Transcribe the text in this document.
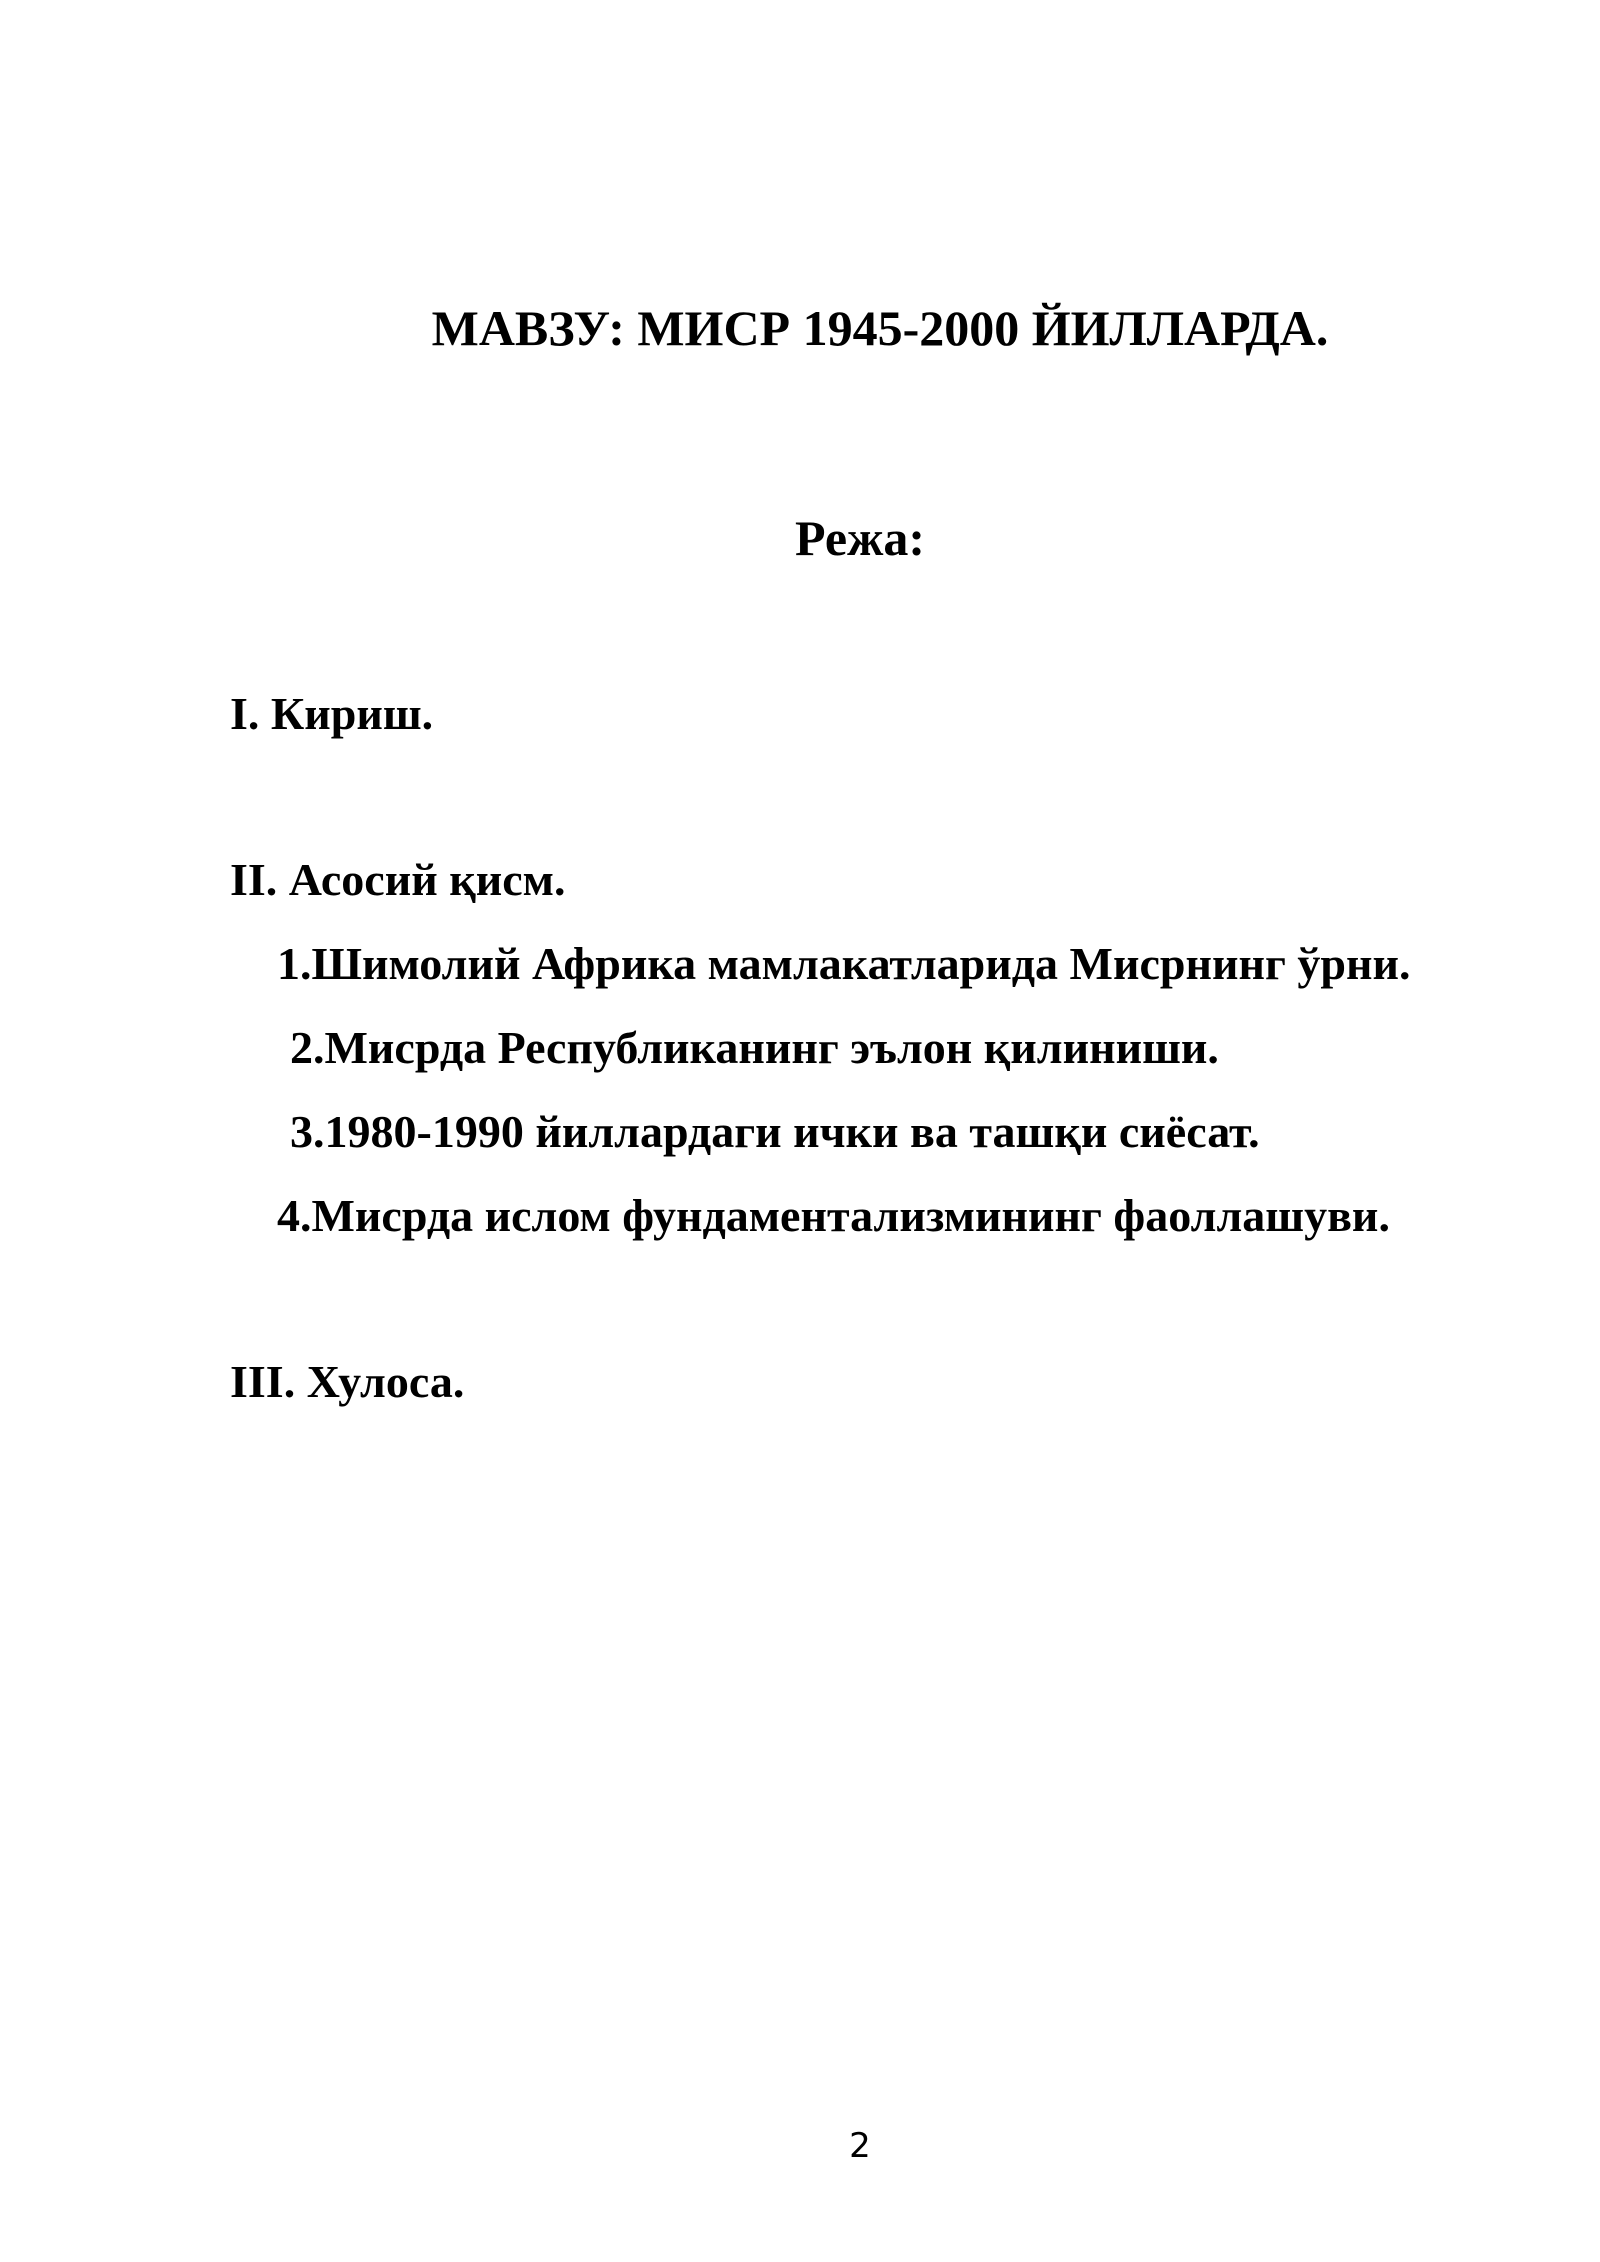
МАВЗУ: МИСР 1945-2000 ЙИЛЛАРДА.
Режа:
I. Кириш.
II. Асосий қисм.
1.Шимолий Африка мамлакатларида Мисрнинг ўрни.
2.Мисрда Республиканинг эълон қилиниши.
3.1980-1990 йиллардаги ички ва ташқи сиёсат.
4.Мисрда ислом фундаментализмининг фаоллашуви.
III. Хулоса.
2
